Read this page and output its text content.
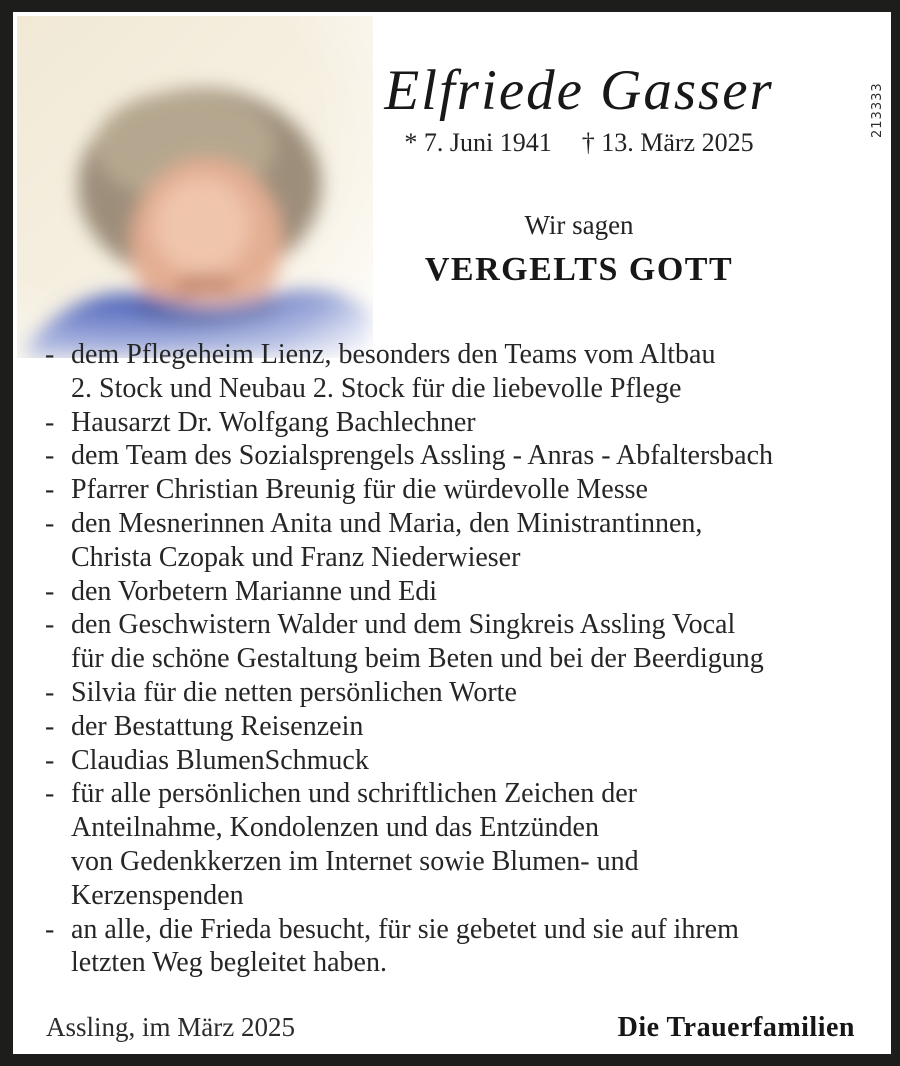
213333
Elfriede Gasser
* 7. Juni 1941 † 13. März 2025
Wir sagen
VERGELTS GOTT
- dem Pflegeheim Lienz, besonders den Teams vom Altbau
2. Stock und Neubau 2. Stock für die liebevolle Pflege
- Hausarzt Dr. Wolfgang Bachlechner
- dem Team des Sozialsprengels Assling - Anras - Abfaltersbach
- Pfarrer Christian Breunig für die würdevolle Messe
- den Mesnerinnen Anita und Maria, den Ministrantinnen,
Christa Czopak und Franz Niederwieser
- den Vorbetern Marianne und Edi
- den Geschwistern Walder und dem Singkreis Assling Vocal
für die schöne Gestaltung beim Beten und bei der Beerdigung
- Silvia für die netten persönlichen Worte
- der Bestattung Reisenzein
- Claudias BlumenSchmuck
- für alle persönlichen und schriftlichen Zeichen der
Anteilnahme, Kondolenzen und das Entzünden
von Gedenkkerzen im Internet sowie Blumen- und
Kerzenspenden
- an alle, die Frieda besucht, für sie gebetet und sie auf ihrem
letzten Weg begleitet haben.
Assling, im März 2025	Die Trauerfamilien
